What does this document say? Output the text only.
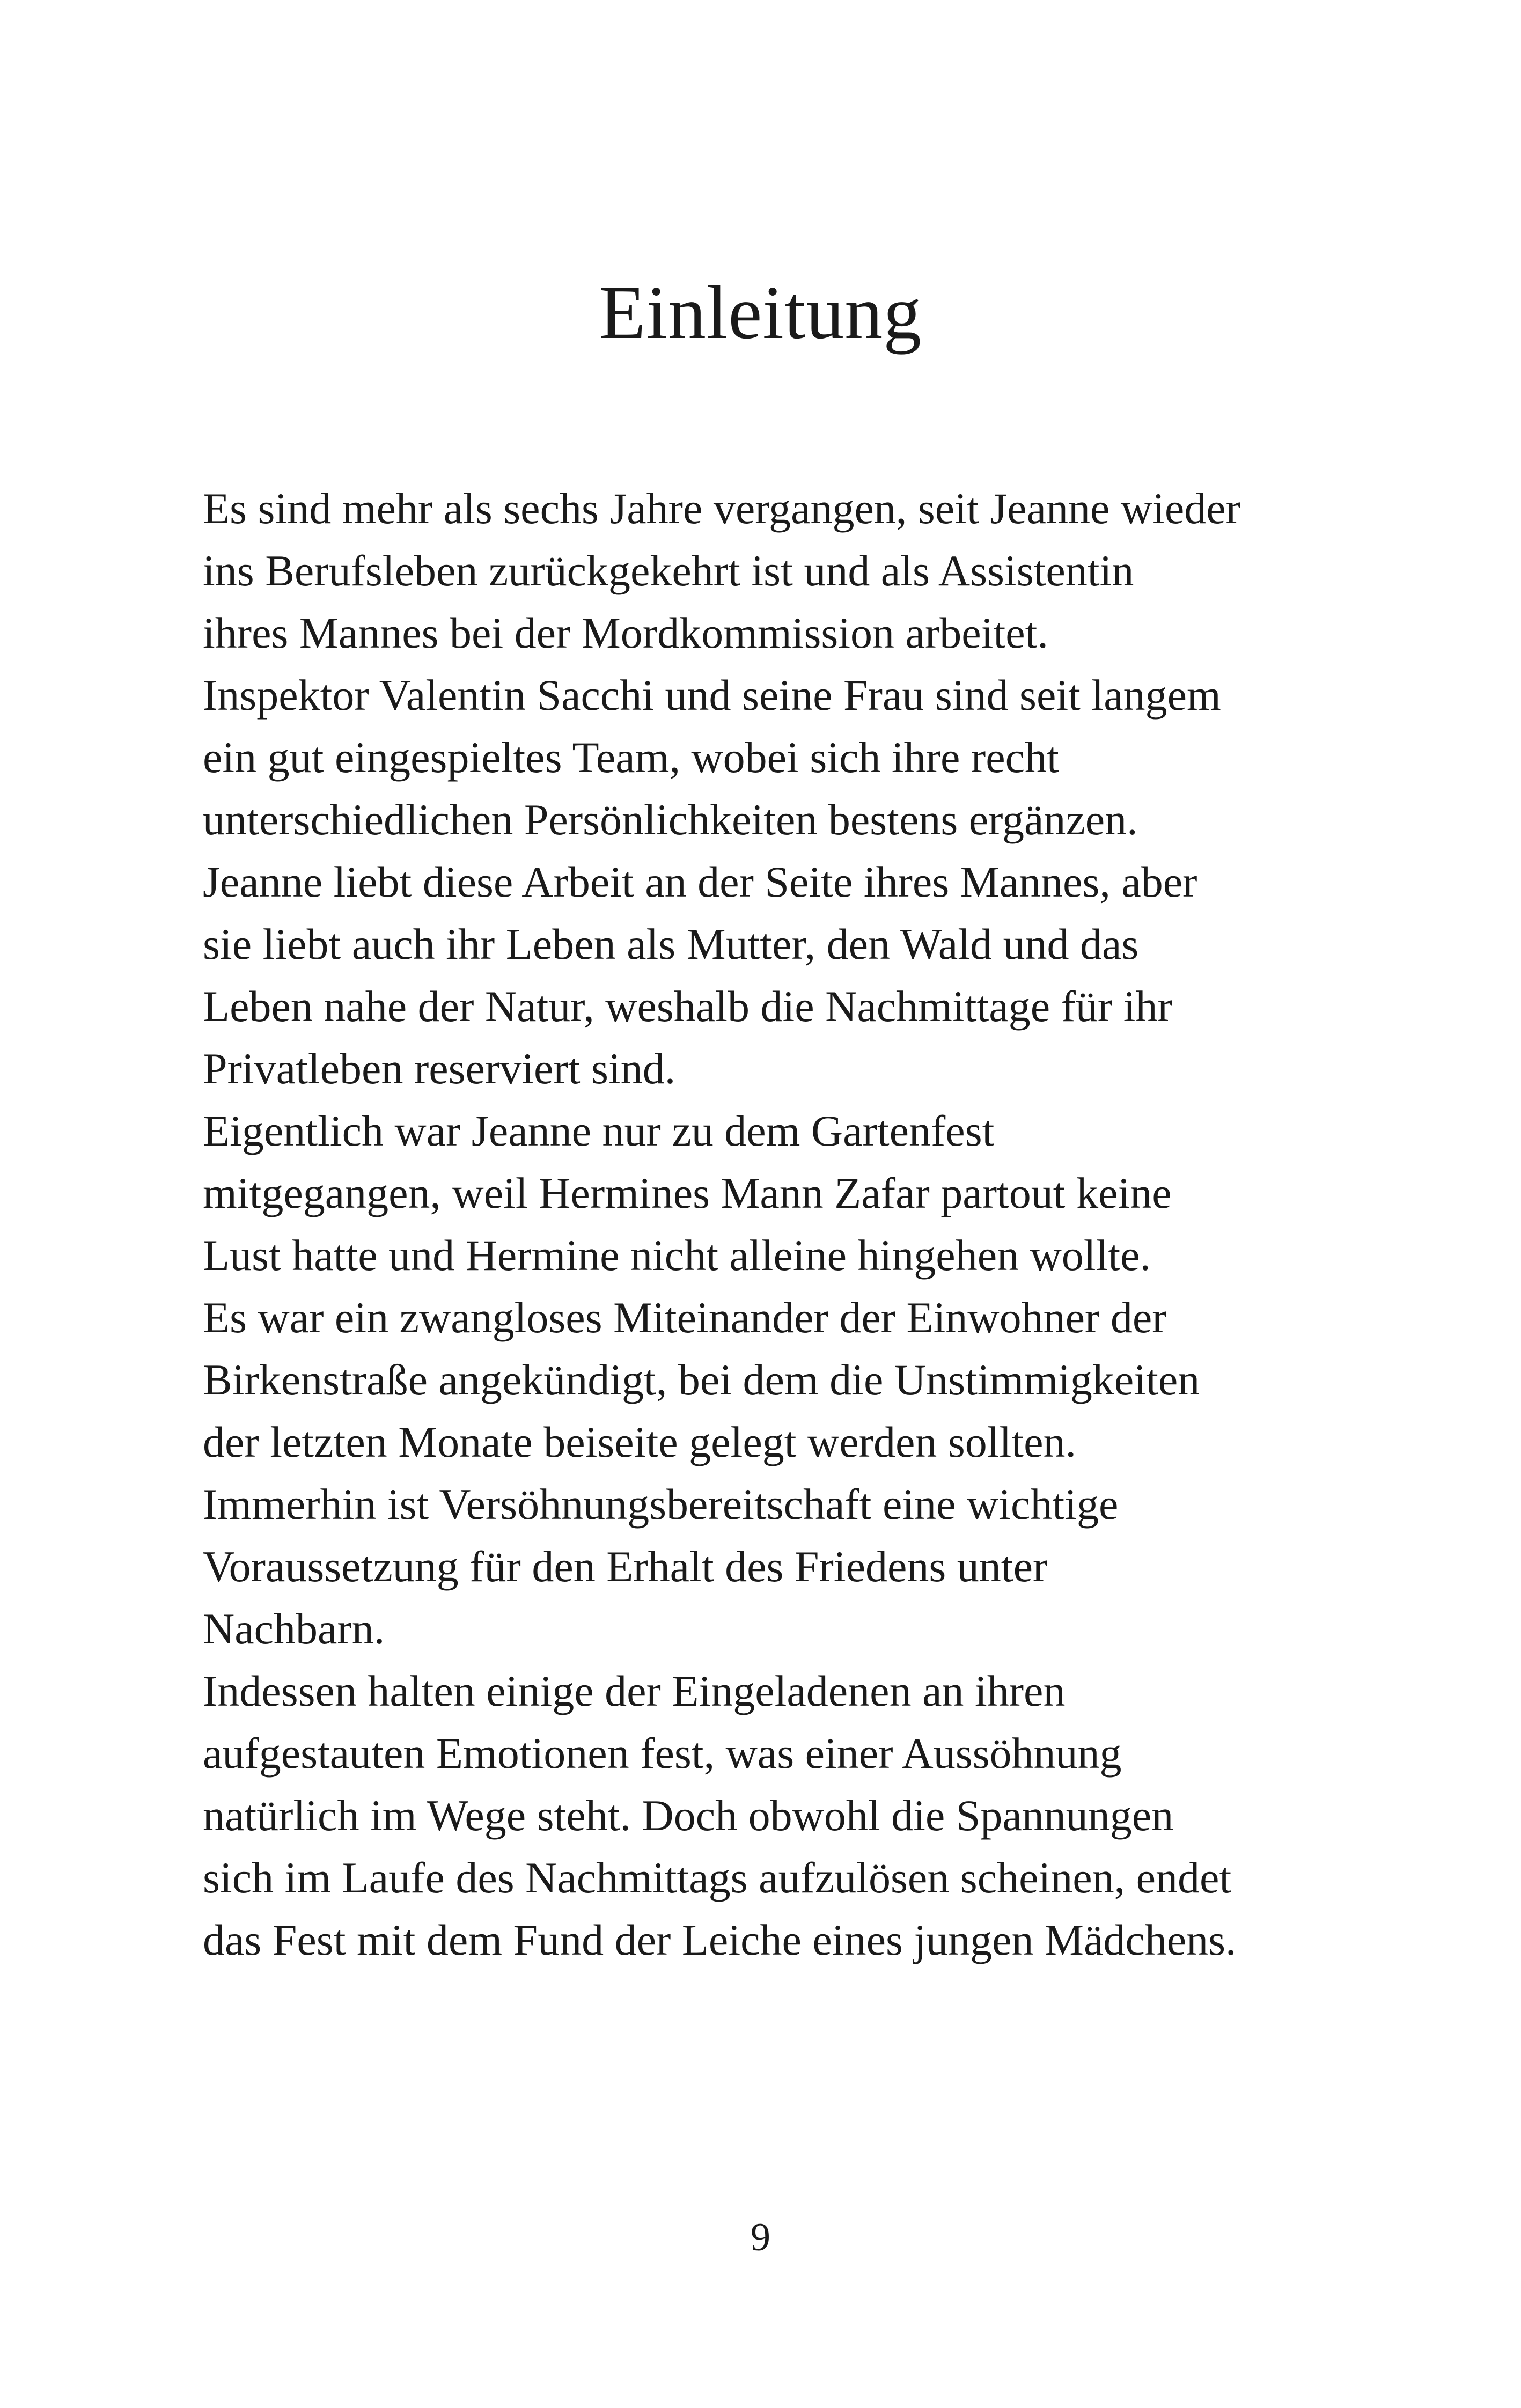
Einleitung
Es sind mehr als sechs Jahre vergangen, seit Jeanne wieder
ins Berufsleben zurückgekehrt ist und als Assistentin
ihres Mannes bei der Mordkommission arbeitet.
Inspektor Valentin Sacchi und seine Frau sind seit langem
ein gut eingespieltes Team, wobei sich ihre recht
unterschiedlichen Persönlichkeiten bestens ergänzen.
Jeanne liebt diese Arbeit an der Seite ihres Mannes, aber
sie liebt auch ihr Leben als Mutter, den Wald und das
Leben nahe der Natur, weshalb die Nachmittage für ihr
Privatleben reserviert sind.
Eigentlich war Jeanne nur zu dem Gartenfest
mitgegangen, weil Hermines Mann Zafar partout keine
Lust hatte und Hermine nicht alleine hingehen wollte.
Es war ein zwangloses Miteinander der Einwohner der
Birkenstraße angekündigt, bei dem die Unstimmigkeiten
der letzten Monate beiseite gelegt werden sollten.
Immerhin ist Versöhnungsbereitschaft eine wichtige
Voraussetzung für den Erhalt des Friedens unter
Nachbarn.
Indessen halten einige der Eingeladenen an ihren
aufgestauten Emotionen fest, was einer Aussöhnung
natürlich im Wege steht. Doch obwohl die Spannungen
sich im Laufe des Nachmittags aufzulösen scheinen, endet
das Fest mit dem Fund der Leiche eines jungen Mädchens.
9
